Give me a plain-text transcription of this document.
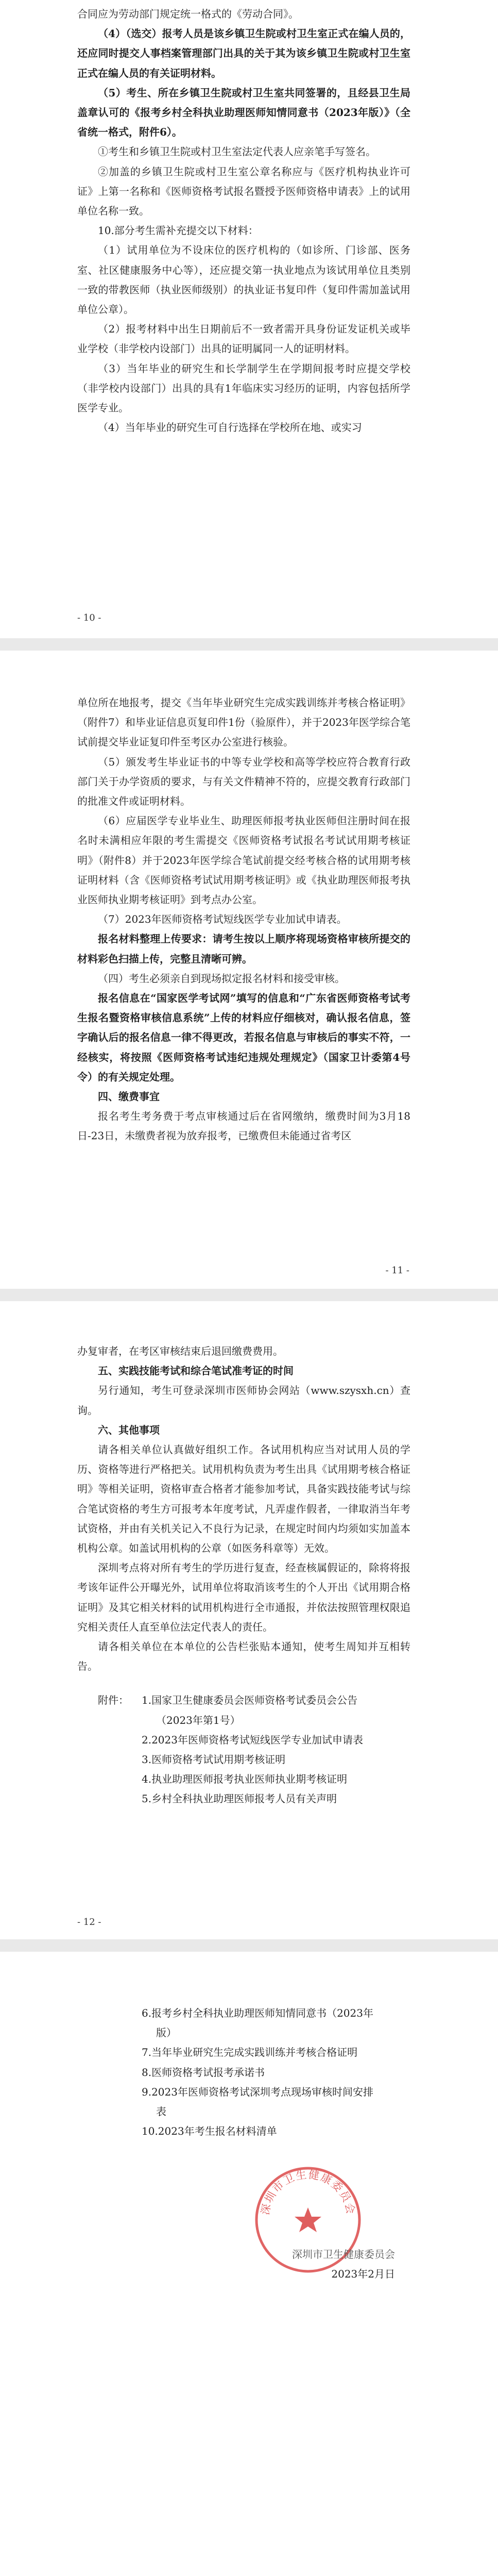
合同应为劳动部门规定统一格式的《劳动合同》。

（4）（选交）报考人员是该乡镇卫生院或村卫生室正式在编人员的，还应同时提交人事档案管理部门出具的关于其为该乡镇卫生院或村卫生室正式在编人员的有关证明材料。

（5）考生、所在乡镇卫生院或村卫生室共同签署的，且经县卫生局盖章认可的《报考乡村全科执业助理医师知情同意书（2023年版）》（全省统一格式，附件6）。

①考生和乡镇卫生院或村卫生室法定代表人应亲笔手写签名。

②加盖的乡镇卫生院或村卫生室公章名称应与《医疗机构执业许可证》上第一名称和《医师资格考试报名暨授予医师资格申请表》上的试用单位名称一致。

10.部分考生需补充提交以下材料：

（1）试用单位为不设床位的医疗机构的（如诊所、门诊部、医务室、社区健康服务中心等），还应提交第一执业地点为该试用单位且类别一致的带教医师（执业医师级别）的执业证书复印件（复印件需加盖试用单位公章）。

（2）报考材料中出生日期前后不一致者需开具身份证发证机关或毕业学校（非学校内设部门）出具的证明属同一人的证明材料。

（3）当年毕业的研究生和长学制学生在学期间报考时应提交学校（非学校内设部门）出具的具有1年临床实习经历的证明，内容包括所学医学专业。

（4）当年毕业的研究生可自行选择在学校所在地、或实习

- 10 -

单位所在地报考，提交《当年毕业研究生完成实践训练并考核合格证明》（附件7）和毕业证信息页复印件1份（验原件），并于2023年医学综合笔试前提交毕业证复印件至考区办公室进行核验。

（5）颁发考生毕业证书的中等专业学校和高等学校应符合教育行政部门关于办学资质的要求，与有关文件精神不符的，应提交教育行政部门的批准文件或证明材料。

（6）应届医学专业毕业生、助理医师报考执业医师但注册时间在报名时未满相应年限的考生需提交《医师资格考试报名考试试用期考核证明》（附件8）并于2023年医学综合笔试前提交经考核合格的试用期考核证明材料（含《医师资格考试试用期考核证明》或《执业助理医师报考执业医师执业期考核证明》到考点办公室。

（7）2023年医师资格考试短线医学专业加试申请表。

报名材料整理上传要求：请考生按以上顺序将现场资格审核所提交的材料彩色扫描上传，完整且清晰可辨。

（四）考生必须亲自到现场拟定报名材料和接受审核。

报名信息在“国家医学考试网”填写的信息和“广东省医师资格考试考生报名暨资格审核信息系统”上传的材料应仔细核对，确认报名信息，签字确认后的报名信息一律不得更改，若报名信息与审核后的事实不符，一经核实，将按照《医师资格考试违纪违规处理规定》（国家卫计委第4号令）的有关规定处理。

四、缴费事宜

报名考生考务费于考点审核通过后在省网缴纳，缴费时间为3月18日-23日，未缴费者视为放弃报考，已缴费但未能通过省考区

- 11 -

办复审者，在考区审核结束后退回缴费费用。

五、实践技能考试和综合笔试准考证的时间

另行通知，考生可登录深圳市医师协会网站（www.szysxh.cn）查询。

六、其他事项

请各相关单位认真做好组织工作。各试用机构应当对试用人员的学历、资格等进行严格把关。试用机构负责为考生出具《试用期考核合格证明》等相关证明，资格审查合格者才能参加考试，具备实践技能考试与综合笔试资格的考生方可报考本年度考试，凡弄虚作假者，一律取消当年考试资格，并由有关机关记入不良行为记录，在规定时间内均须如实加盖本机构公章。如盖试用机构的公章（如医务科章等）无效。

深圳考点将对所有考生的学历进行复查，经查核属假证的，除将将报考该年证件公开曝光外，试用单位将取消该考生的个人开出《试用期合格证明》及其它相关材料的试用机构进行全市通报，并依法按照管理权限追究相关责任人直至单位法定代表人的责任。

请各相关单位在本单位的公告栏张贴本通知，使考生周知并互相转告。

附件：	1.国家卫生健康委员会医师资格考试委员会公告

（2023年第1号）

2.2023年医师资格考试短线医学专业加试申请表

3.医师资格考试试用期考核证明

4.执业助理医师报考执业医师执业期考核证明

5.乡村全科执业助理医师报考人员有关声明

- 12 -

6.报考乡村全科执业助理医师知情同意书（2023年

版）

7.当年毕业研究生完成实践训练并考核合格证明

8.医师资格考试报考承诺书

9.2023年医师资格考试深圳考点现场审核时间安排

表

10.2023年考生报名材料清单

深圳市卫生健康委员会
深圳市卫生健康委员会
2023年2月日
